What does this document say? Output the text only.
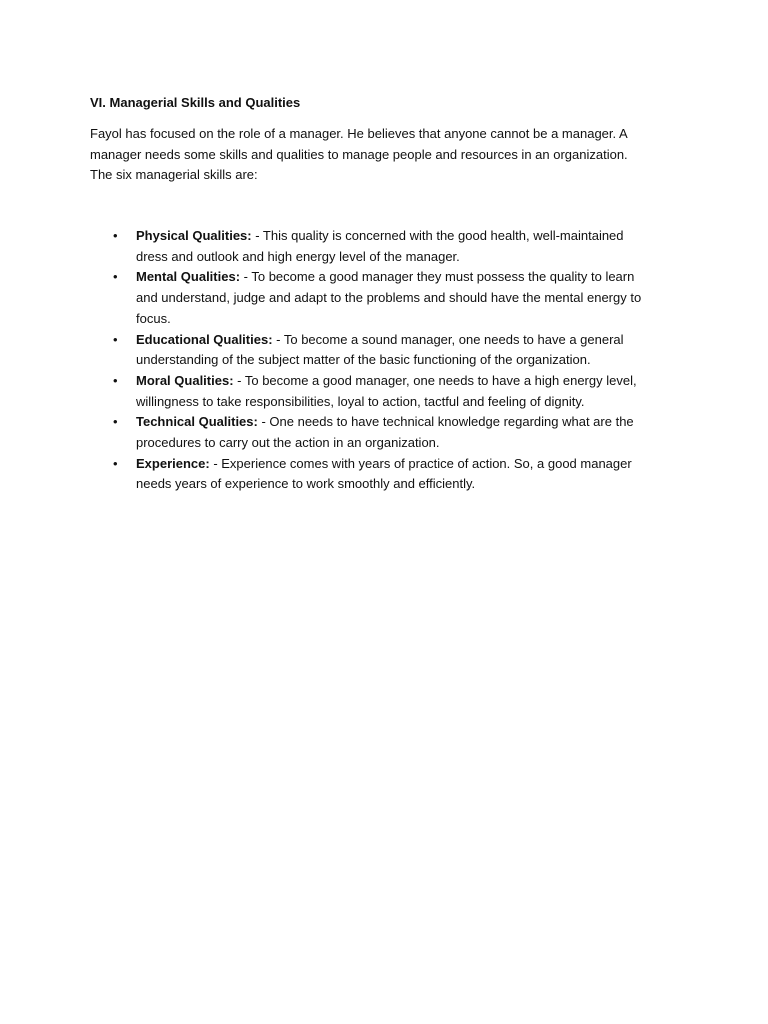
VI. Managerial Skills and Qualities
Fayol has focused on the role of a manager. He believes that anyone cannot be a manager. A
manager needs some skills and qualities to manage people and resources in an organization.
The six managerial skills are:
• Physical Qualities: - This quality is concerned with the good health, well-maintained
dress and outlook and high energy level of the manager.
• Mental Qualities: - To become a good manager they must possess the quality to learn
and understand, judge and adapt to the problems and should have the mental energy to
focus.
• Educational Qualities: - To become a sound manager, one needs to have a general
understanding of the subject matter of the basic functioning of the organization.
• Moral Qualities: - To become a good manager, one needs to have a high energy level,
willingness to take responsibilities, loyal to action, tactful and feeling of dignity.
• Technical Qualities: - One needs to have technical knowledge regarding what are the
procedures to carry out the action in an organization.
• Experience: - Experience comes with years of practice of action. So, a good manager
needs years of experience to work smoothly and efficiently.
